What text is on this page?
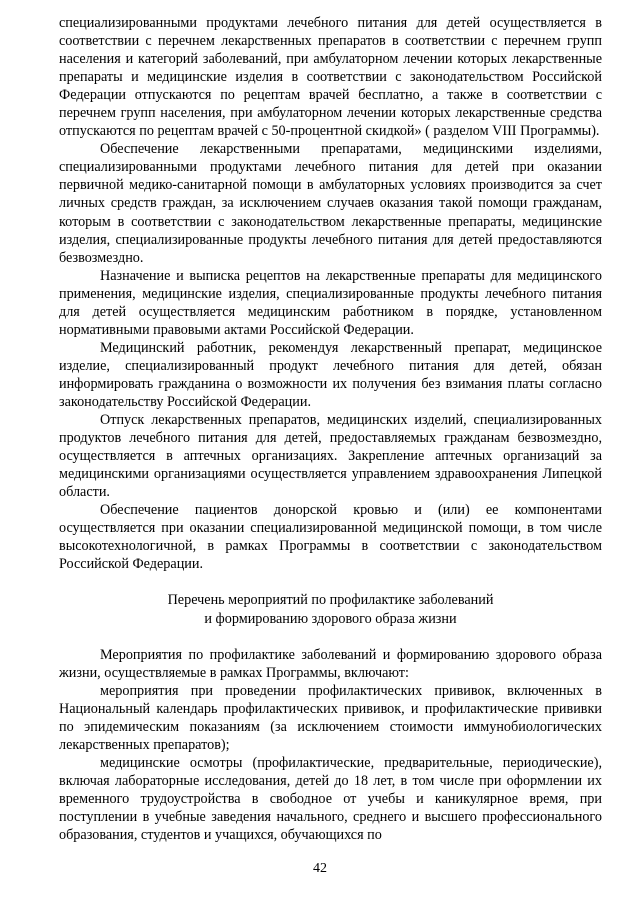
специализированными продуктами лечебного питания для детей осуществляется в соответствии с перечнем лекарственных препаратов в соответствии с перечнем групп населения и категорий заболеваний, при амбулаторном лечении которых лекарственные препараты и медицинские изделия в соответствии с законодательством Российской Федерации отпускаются по рецептам врачей бесплатно, а также в соответствии с перечнем групп населения, при амбулаторном лечении которых лекарственные средства отпускаются по рецептам врачей с 50-процентной скидкой» ( разделом VIII Программы).

Обеспечение лекарственными препаратами, медицинскими изделиями, специализированными продуктами лечебного питания для детей при оказании первичной медико-санитарной помощи в амбулаторных условиях производится за счет личных средств граждан, за исключением случаев оказания такой помощи гражданам, которым в соответствии с законодательством лекарственные препараты, медицинские изделия, специализированные продукты лечебного питания для детей предоставляются безвозмездно.

Назначение и выписка рецептов на лекарственные препараты для медицинского применения, медицинские изделия, специализированные продукты лечебного питания для детей осуществляется медицинским работником в порядке, установленном нормативными правовыми актами Российской Федерации.

Медицинский работник, рекомендуя лекарственный препарат, медицинское изделие, специализированный продукт лечебного питания для детей, обязан информировать гражданина о возможности их получения без взимания платы согласно законодательству Российской Федерации.

Отпуск лекарственных препаратов, медицинских изделий, специализированных продуктов лечебного питания для детей, предоставляемых гражданам безвозмездно, осуществляется в аптечных организациях. Закрепление аптечных организаций за медицинскими организациями осуществляется управлением здравоохранения Липецкой области.

Обеспечение пациентов донорской кровью и (или) ее компонентами осуществляется при оказании специализированной медицинской помощи, в том числе высокотехнологичной, в рамках Программы в соответствии с законодательством Российской Федерации.

Перечень мероприятий по профилактике заболеваний
и формированию здорового образа жизни

Мероприятия по профилактике заболеваний и формированию здорового образа жизни, осуществляемые в рамках Программы, включают:

мероприятия при проведении профилактических прививок, включенных в Национальный календарь профилактических прививок, и профилактические прививки по эпидемическим показаниям (за исключением стоимости иммунобиологических лекарственных препаратов);

медицинские осмотры (профилактические, предварительные, периодические), включая лабораторные исследования, детей до 18 лет, в том числе при оформлении их временного трудоустройства в свободное от учебы и каникулярное время, при поступлении в учебные заведения начального, среднего и высшего профессионального образования, студентов и учащихся, обучающихся по

42
